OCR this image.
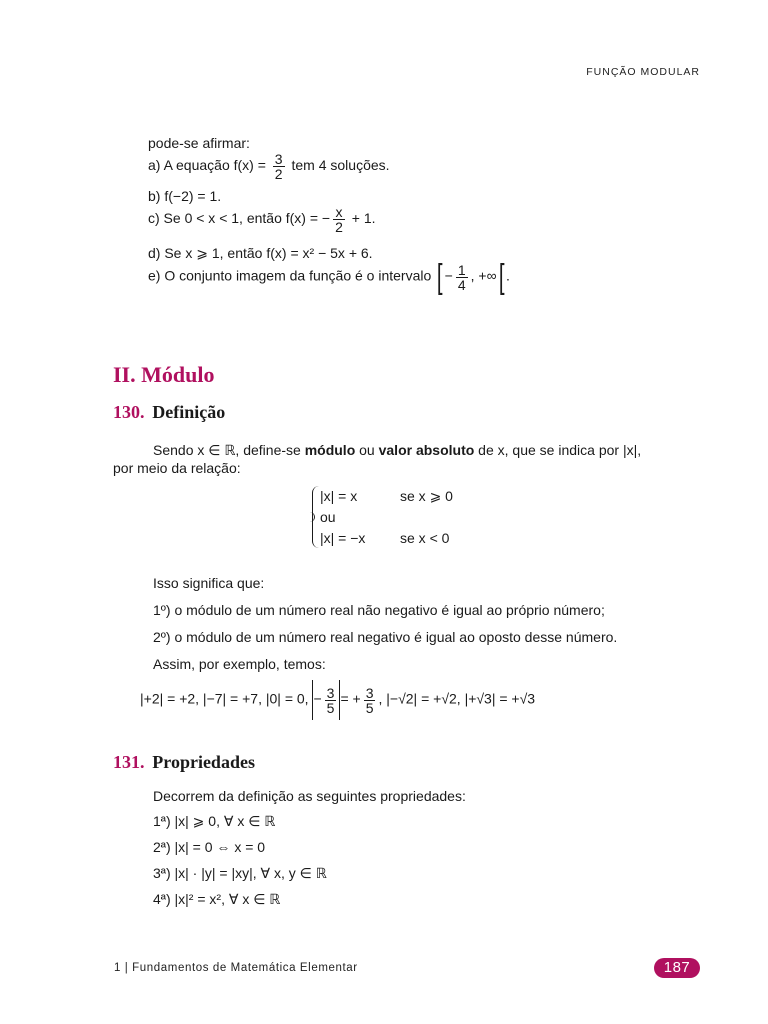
FUNÇÃO MODULAR
pode-se afirmar:
a) A equação $f(x) = \frac{3}{2}$ tem 4 soluções.
b) f(−2) = 1.
c) Se 0 < x < 1, então f(x) = − $\frac{x}{2} + 1$.
d) Se x ⩾ 1, então f(x) = x² − 5x + 6.
e) O conjunto imagem da função é o intervalo [ − $\frac{1}{4}$ , +∞[ .
II. Módulo
130. Definição
Sendo x ∈ ℝ, define-se módulo ou valor absoluto de x, que se indica por |x|,
por meio da relação:
|x| = x	se x ⩾ 0
ou
|x| = −x se x < 0
Isso significa que:
1º) o módulo de um número real não negativo é igual ao próprio número;
2º) o módulo de um número real negativo é igual ao oposto desse número.
Assim, por exemplo, temos:
|+2| = +2, |−7| = +7, |0| = 0, − $\frac{3}{5}$ = + $\frac{3}{5}$ , |−√2| = +√2, |+√3| = +√3
131. Propriedades
Decorrem da definição as seguintes propriedades:
1ª) |x| ⩾ 0, ∀ x ∈ ℝ
2ª) |x| = 0 ⇔ x = 0
3ª) |x| · |y| = |xy|, ∀ x, y ∈ ℝ
4ª) |x|² = x², ∀ x ∈ ℝ
1 | Fundamentos de Matemática Elementar	187
